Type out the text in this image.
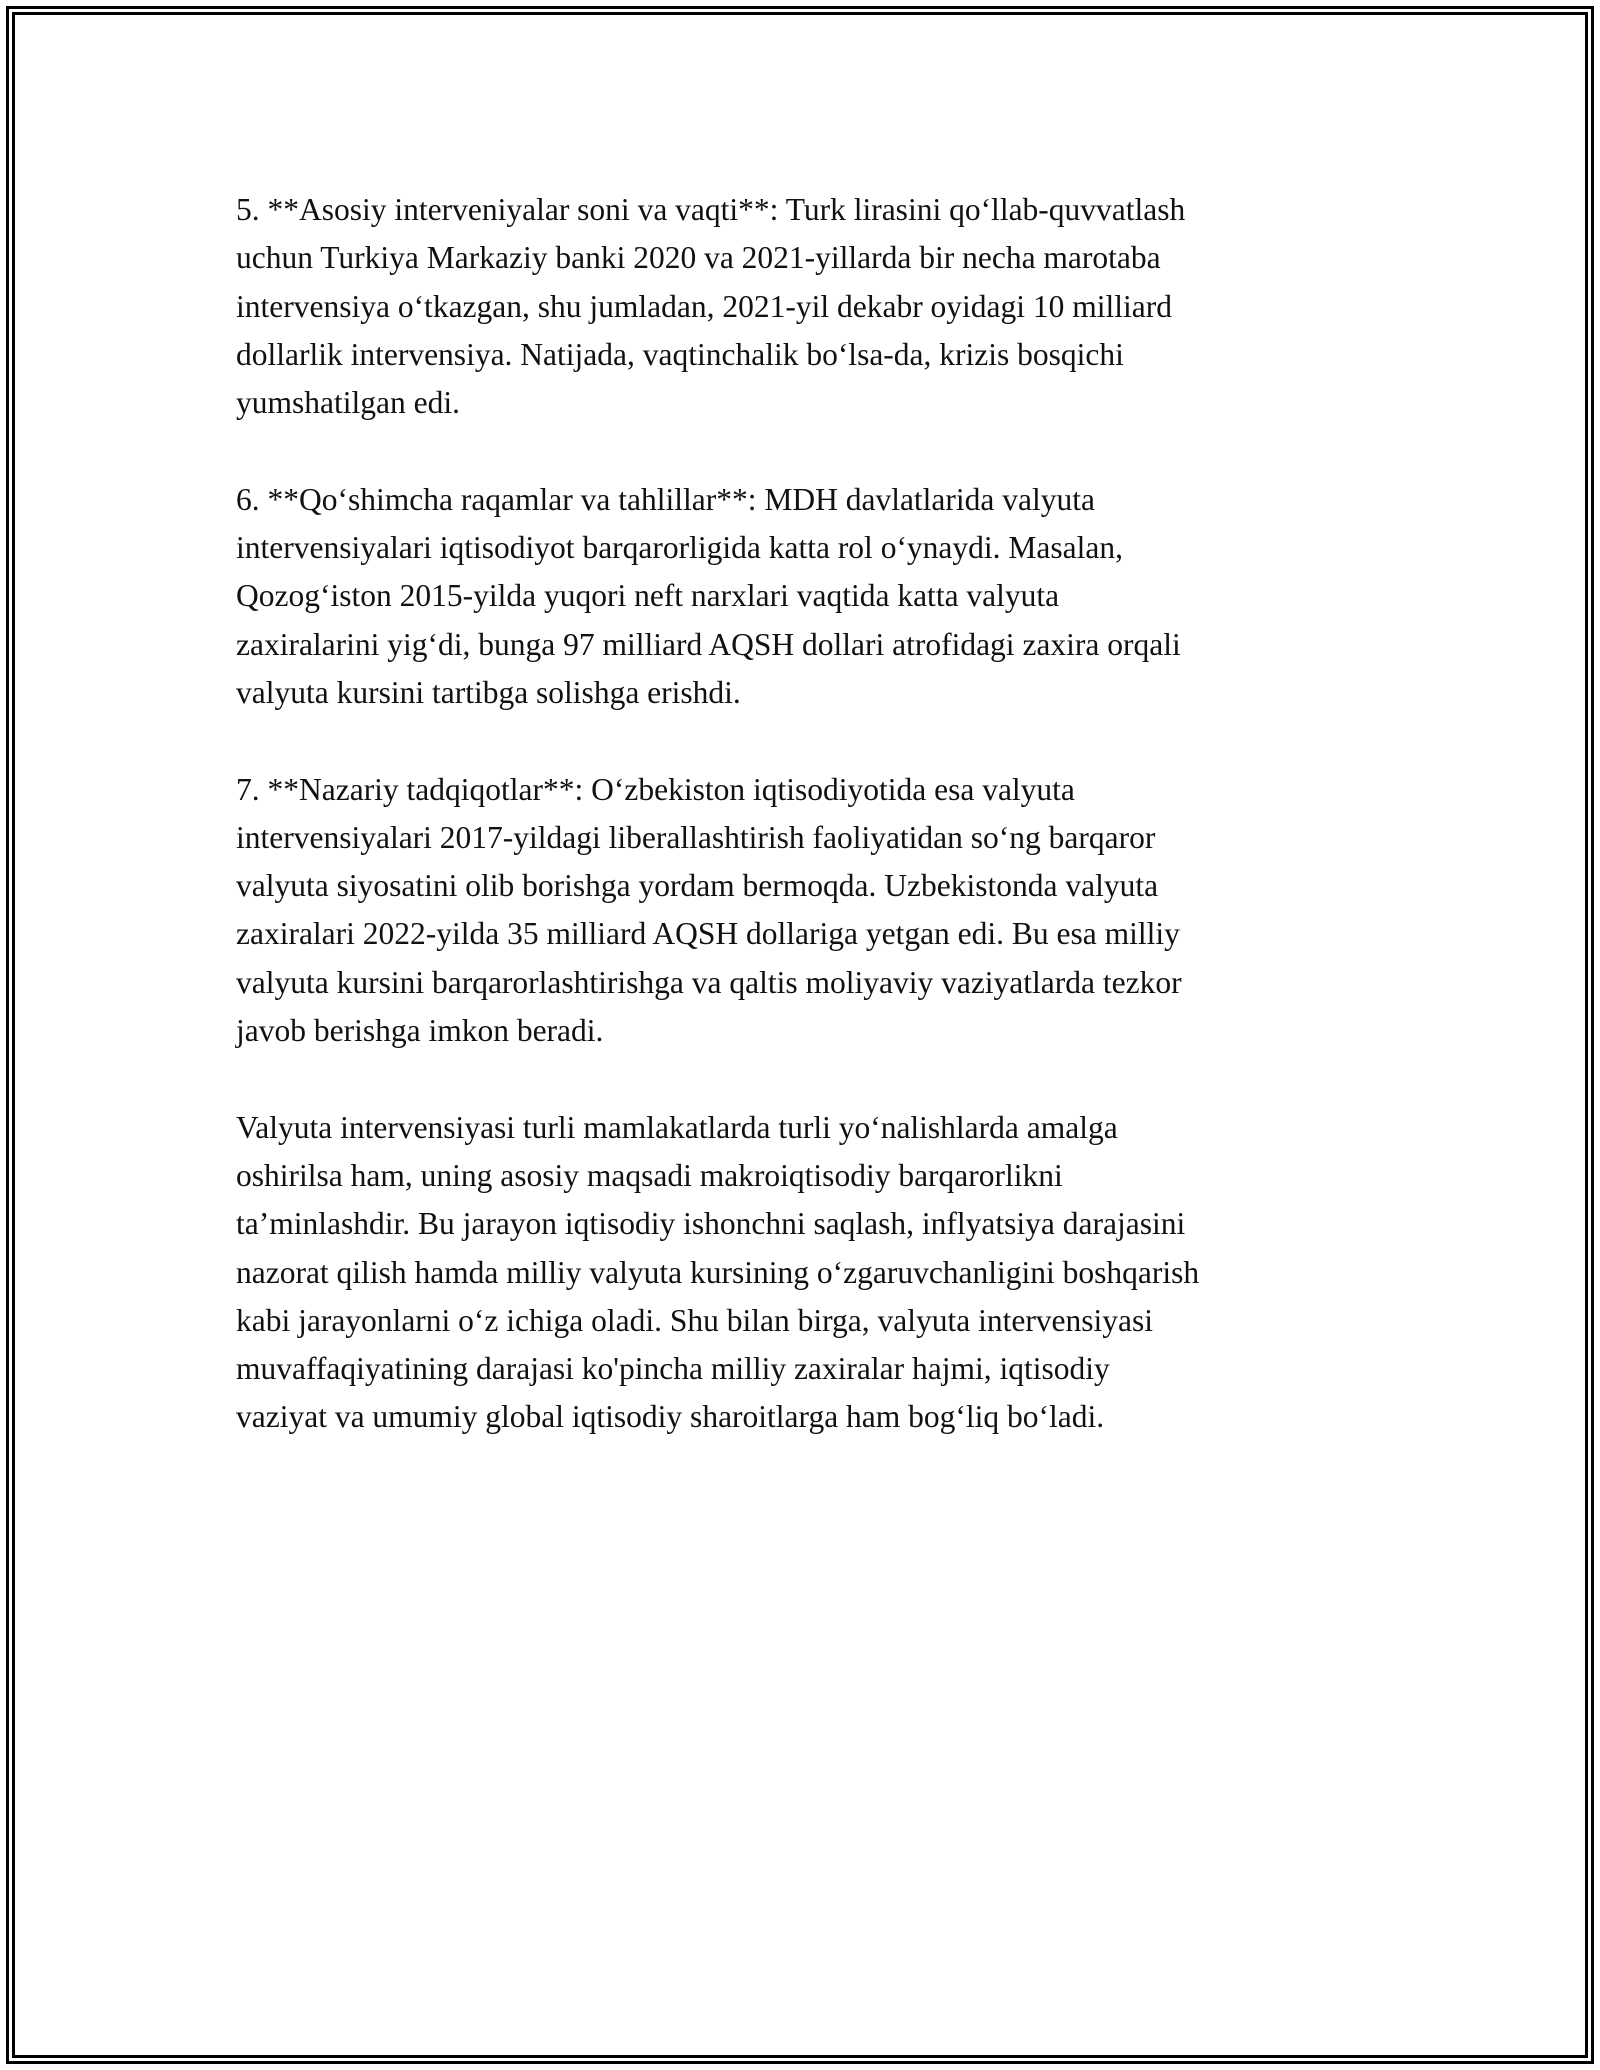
5. **Asosiy interveniyalar soni va vaqti**: Turk lirasini qo‘llab-quvvatlash
uchun Turkiya Markaziy banki 2020 va 2021-yillarda bir necha marotaba
intervensiya o‘tkazgan, shu jumladan, 2021-yil dekabr oyidagi 10 milliard
dollarlik intervensiya. Natijada, vaqtinchalik bo‘lsa-da, krizis bosqichi
yumshatilgan edi.

6. **Qo‘shimcha raqamlar va tahlillar**: MDH davlatlarida valyuta
intervensiyalari iqtisodiyot barqarorligida katta rol o‘ynaydi. Masalan,
Qozog‘iston 2015-yilda yuqori neft narxlari vaqtida katta valyuta
zaxiralarini yig‘di, bunga 97 milliard AQSH dollari atrofidagi zaxira orqali
valyuta kursini tartibga solishga erishdi.

7. **Nazariy tadqiqotlar**: O‘zbekiston iqtisodiyotida esa valyuta
intervensiyalari 2017-yildagi liberallashtirish faoliyatidan so‘ng barqaror
valyuta siyosatini olib borishga yordam bermoqda. Uzbekistonda valyuta
zaxiralari 2022-yilda 35 milliard AQSH dollariga yetgan edi. Bu esa milliy
valyuta kursini barqarorlashtirishga va qaltis moliyaviy vaziyatlarda tezkor
javob berishga imkon beradi.

Valyuta intervensiyasi turli mamlakatlarda turli yo‘nalishlarda amalga
oshirilsa ham, uning asosiy maqsadi makroiqtisodiy barqarorlikni
ta’minlashdir. Bu jarayon iqtisodiy ishonchni saqlash, inflyatsiya darajasini
nazorat qilish hamda milliy valyuta kursining o‘zgaruvchanligini boshqarish
kabi jarayonlarni o‘z ichiga oladi. Shu bilan birga, valyuta intervensiyasi
muvaffaqiyatining darajasi ko'pincha milliy zaxiralar hajmi, iqtisodiy
vaziyat va umumiy global iqtisodiy sharoitlarga ham bog‘liq bo‘ladi.
